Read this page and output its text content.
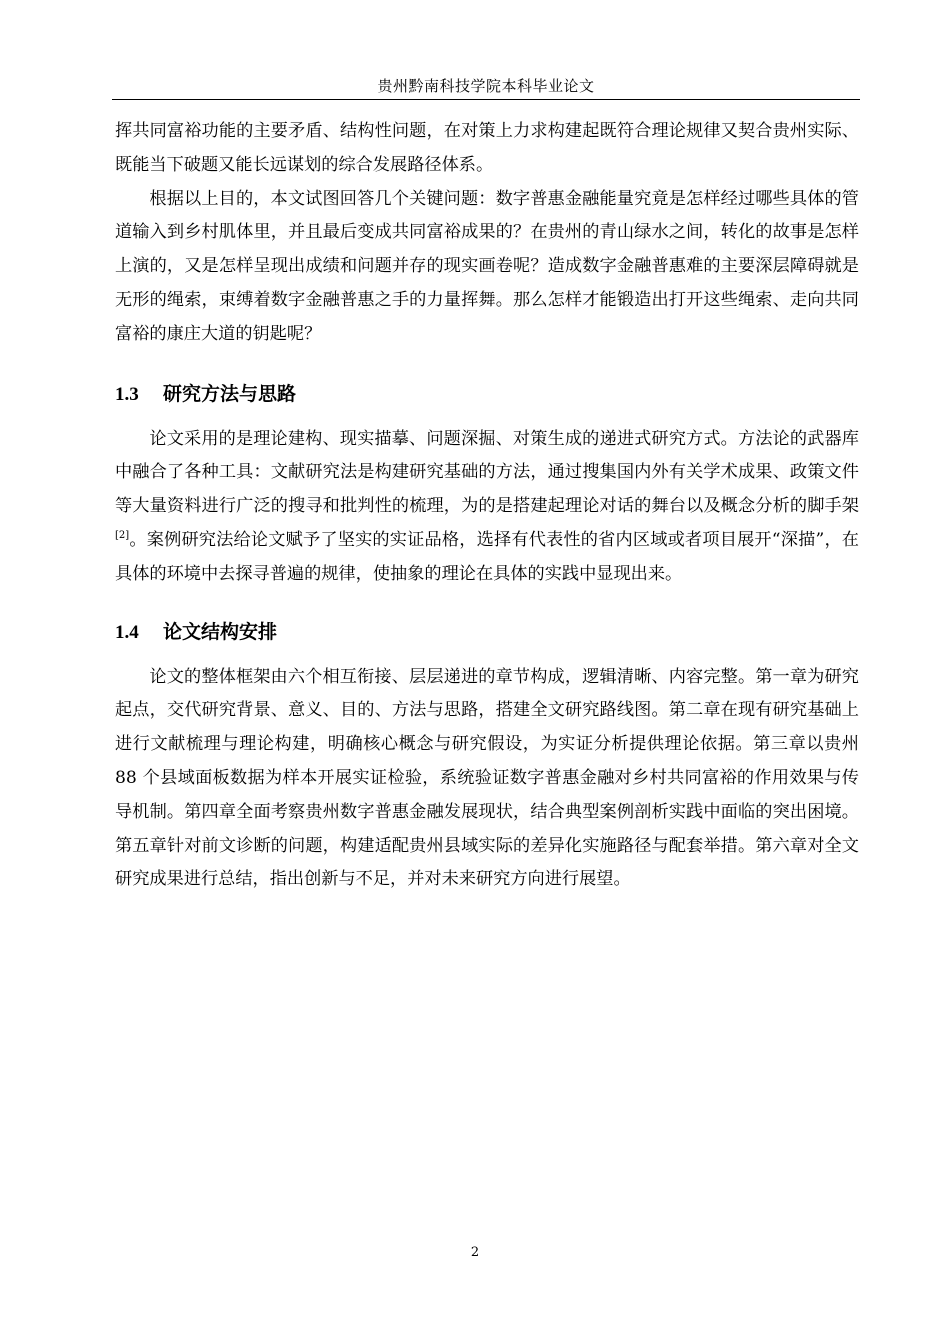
贵州黔南科技学院本科毕业论文

挥共同富裕功能的主要矛盾、结构性问题，在对策上力求构建起既符合理论规律又契合贵州实际、既能当下破题又能长远谋划的综合发展路径体系。

根据以上目的，本文试图回答几个关键问题：数字普惠金融能量究竟是怎样经过哪些具体的管道输入到乡村肌体里，并且最后变成共同富裕成果的？在贵州的青山绿水之间，转化的故事是怎样上演的，又是怎样呈现出成绩和问题并存的现实画卷呢？造成数字金融普惠难的主要深层障碍就是无形的绳索，束缚着数字金融普惠之手的力量挥舞。那么怎样才能锻造出打开这些绳索、走向共同富裕的康庄大道的钥匙呢？

1.3	研究方法与思路

论文采用的是理论建构、现实描摹、问题深掘、对策生成的递进式研究方式。方法论的武器库中融合了各种工具：文献研究法是构建研究基础的方法，通过搜集国内外有关学术成果、政策文件等大量资料进行广泛的搜寻和批判性的梳理，为的是搭建起理论对话的舞台以及概念分析的脚手架[2]。案例研究法给论文赋予了坚实的实证品格，选择有代表性的省内区域或者项目展开“深描”，在具体的环境中去探寻普遍的规律，使抽象的理论在具体的实践中显现出来。

1.4	论文结构安排

论文的整体框架由六个相互衔接、层层递进的章节构成，逻辑清晰、内容完整。第一章为研究起点，交代研究背景、意义、目的、方法与思路，搭建全文研究路线图。第二章在现有研究基础上进行文献梳理与理论构建，明确核心概念与研究假设，为实证分析提供理论依据。第三章以贵州 88 个县域面板数据为样本开展实证检验，系统验证数字普惠金融对乡村共同富裕的作用效果与传导机制。第四章全面考察贵州数字普惠金融发展现状，结合典型案例剖析实践中面临的突出困境。第五章针对前文诊断的问题，构建适配贵州县域实际的差异化实施路径与配套举措。第六章对全文研究成果进行总结，指出创新与不足，并对未来研究方向进行展望。

2
